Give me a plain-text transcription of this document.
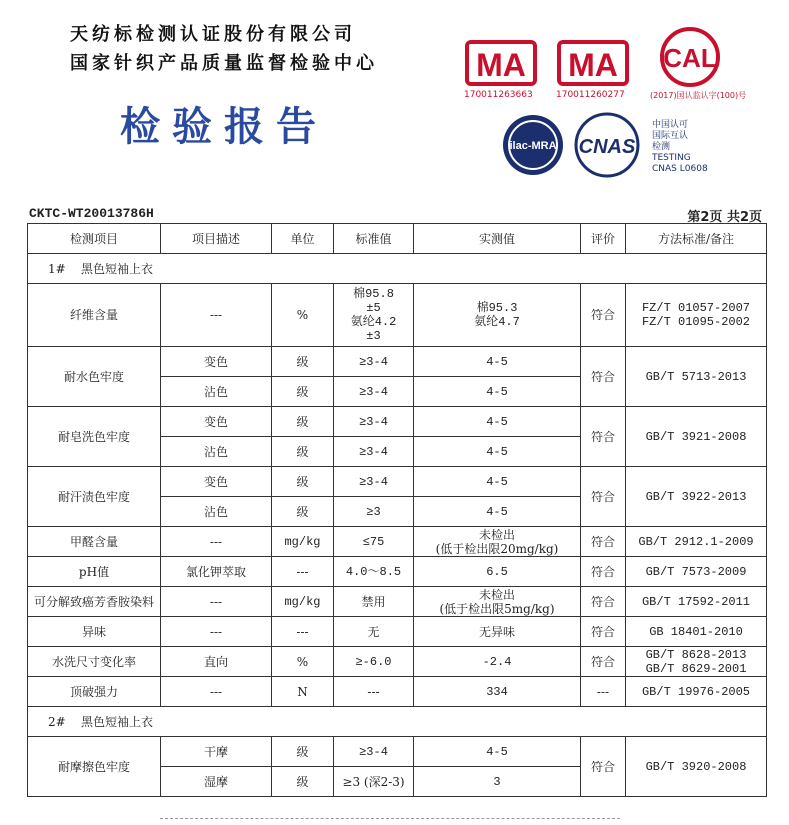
天纺标检测认证股份有限公司
国家针织产品质量监督检验中心
检验报告
MA
170011263663
MA
170011260277
CAL
(2017)国认监认字(100)号
ilac-MRA CNAS
中国认可
国际互认
检测
TESTING
CNAS L0608
CKTC-WT20013786H	第2页 共2页
检测项目	项目描述	单位	标准值	实测值	评价	方法标准/备注
1#    黑色短袖上衣						
纤维含量	---	%	棉95.8
±5
氨纶4.2
±3	棉95.3
氨纶4.7	符合	FZ/T 01057-2007
FZ/T 01095-2002
耐水色牢度	变色	级	≥3-4	4-5	符合	GB/T 5713-2013
	沾色	级	≥3-4	4-5		
耐皂洗色牢度	变色	级	≥3-4	4-5	符合	GB/T 3921-2008
	沾色	级	≥3-4	4-5		
耐汗渍色牢度	变色	级	≥3-4	4-5	符合	GB/T 3922-2013
	沾色	级	≥3	4-5		
甲醛含量	---	mg/kg	≤75	未检出
(低于检出限20mg/kg)	符合	GB/T 2912.1-2009
pH值	氯化钾萃取	---	4.0～8.5	6.5	符合	GB/T 7573-2009
可分解致癌芳香胺染料	---	mg/kg	禁用	未检出
(低于检出限5mg/kg)	符合	GB/T 17592-2011
异味	---	---	无	无异味	符合	GB 18401-2010
水洗尺寸变化率	直向	%	≥-6.0	-2.4	符合	GB/T 8628-2013
GB/T 8629-2001
顶破强力	---	N	---	334	---	GB/T 19976-2005
2#    黑色短袖上衣						
耐摩擦色牢度	干摩	级	≥3-4	4-5	符合	GB/T 3920-2008
	湿摩	级	≥3 (深2-3)	3		
